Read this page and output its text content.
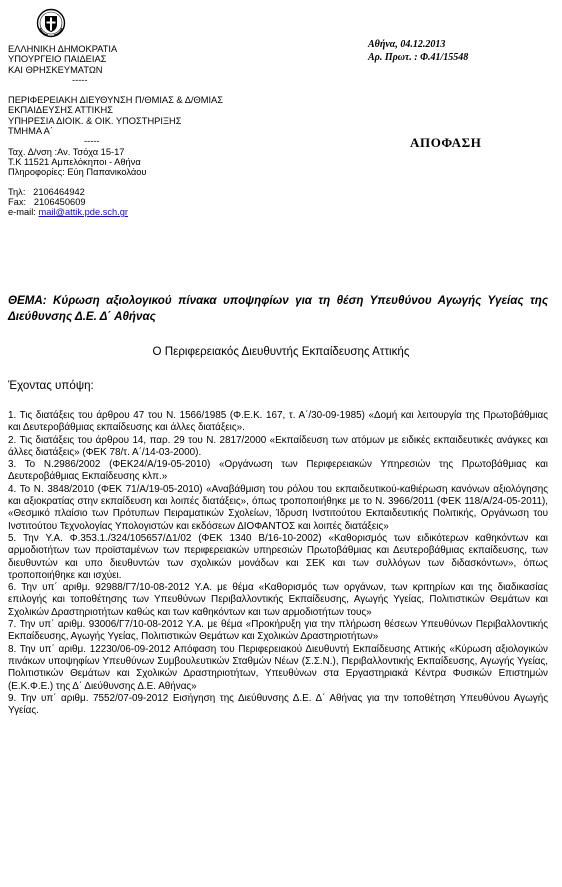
ΕΛΛΗΝΙΚΗ ΔΗΜΟΚΡΑΤΙΑ
ΥΠΟΥΡΓΕΙΟ ΠΑΙΔΕΙΑΣ
ΚΑΙ ΘΡΗΣΚΕΥΜΑΤΩΝ
-----
ΠΕΡΙΦΕΡΕΙΑΚΗ ΔΙΕΥΘΥΝΣΗ Π/ΘΜΙΑΣ & Δ/ΘΜΙΑΣ
ΕΚΠΑΙΔΕΥΣΗΣ ΑΤΤΙΚΗΣ
ΥΠΗΡΕΣΙΑ ΔΙΟΙΚ. & ΟΙΚ. ΥΠΟΣΤΗΡΙΞΗΣ
ΤΜΗΜΑ Α΄
-----
Ταχ. Δ/νση :Αν. Τσόχα 15-17
Τ.Κ 11521 Αμπελόκηποι - Αθήνα
Πληροφορίες: Εύη Παπανικολάου
Τηλ:   2106464942
Fax:   2106450609
e-mail: mail@attik.pde.sch.gr
Αθήνα, 04.12.2013
Αρ. Πρωτ. : Φ.41/15548
ΑΠΟΦΑΣΗ
ΘΕΜΑ: Κύρωση αξιολογικού πίνακα υποψηφίων για τη θέση Υπευθύνου Αγωγής Υγείας της Διεύθυνσης Δ.Ε. Δ΄ Αθήνας
Ο Περιφερειακός Διευθυντής Εκπαίδευσης Αττικής
Έχοντας υπόψη:

1. Τις διατάξεις του άρθρου 47 του Ν. 1566/1985 (Φ.Ε.Κ. 167, τ. Α΄/30-09-1985) «Δομή και λειτουργία της Πρωτοβάθμιας και Δευτεροβάθμιας εκπαίδευσης και άλλες διατάξεις».

2. Τις διατάξεις του άρθρου 14, παρ. 29 του Ν. 2817/2000 «Εκπαίδευση των ατόμων με ειδικές εκπαιδευτικές ανάγκες και άλλες διατάξεις» (ΦΕΚ 78/τ. Α΄/14-03-2000).

3. Το Ν.2986/2002 (ΦΕΚ24/Α/19-05-2010) «Οργάνωση των Περιφερειακών Υπηρεσιών της Πρωτοβάθμιας και Δευτεροβάθμιας Εκπαίδευσης κλπ.»

4. Το Ν. 3848/2010 (ΦΕΚ 71/Α/19-05-2010) «Αναβάθμιση του ρόλου του εκπαιδευτικού-καθιέρωση κανόνων αξιολόγησης και αξιοκρατίας στην εκπαίδευση και λοιπές διατάξεις», όπως τροποποιήθηκε με το Ν. 3966/2011 (ΦΕΚ 118/Α/24-05-2011), «Θεσμικό πλαίσιο των Πρότυπων Πειραματικών Σχολείων, Ίδρυση Ινστιτούτου Εκπαιδευτικής Πολιτικής, Οργάνωση του Ινστιτούτου Τεχνολογίας Υπολογιστών και εκδόσεων ΔΙΟΦΑΝΤΟΣ και λοιπές διατάξεις»

5. Την Υ.Α. Φ.353.1./324/105657/Δ1/02 (ΦΕΚ 1340 Β/16-10-2002) «Καθορισμός των ειδικότερων καθηκόντων και αρμοδιοτήτων των προϊσταμένων των περιφερειακών υπηρεσιών Πρωτοβάθμιας και Δευτεροβάθμιας εκπαίδευσης, των διευθυντών και υπο διευθυντών των σχολικών μονάδων και ΣΕΚ και των συλλόγων των διδασκόντων», όπως τροποποιήθηκε και ισχύει.

6. Την υπ΄ αριθμ. 92988/Γ7/10-08-2012 Υ.Α. με θέμα «Καθορισμός των οργάνων, των κριτηρίων και της διαδικασίας επιλογής και τοποθέτησης των Υπευθύνων Περιβαλλοντικής Εκπαίδευσης, Αγωγής Υγείας, Πολιτιστικών Θεμάτων και Σχολικών Δραστηριοτήτων καθώς και των καθηκόντων και των αρμοδιοτήτων τους»

7. Την υπ΄ αριθμ. 93006/Γ7/10-08-2012 Υ.Α. με θέμα «Προκήρυξη για την πλήρωση θέσεων Υπευθύνων Περιβαλλοντικής Εκπαίδευσης, Αγωγής Υγείας, Πολιτιστικών Θεμάτων και Σχολικών Δραστηριοτήτων»

8. Την υπ΄ αριθμ. 12230/06-09-2012 Απόφαση του Περιφερειακού Διευθυντή Εκπαίδευσης Αττικής «Κύρωση αξιολογικών πινάκων υποψηφίων Υπευθύνων Συμβουλευτικών Σταθμών Νέων (Σ.Σ.Ν.), Περιβαλλοντικής Εκπαίδευσης, Αγωγής Υγείας, Πολιτιστικών Θεμάτων και Σχολικών Δραστηριοτήτων, Υπευθύνων στα Εργαστηριακά Κέντρα Φυσικών Επιστημών (Ε.Κ.Φ.Ε.) της Δ΄ Διεύθυνσης Δ.Ε. Αθήνας»

9. Την υπ΄ αριθμ. 7552/07-09-2012 Εισήγηση της Διεύθυνσης Δ.Ε. Δ΄ Αθήνας για την τοποθέτηση Υπευθύνου Αγωγής Υγείας.
